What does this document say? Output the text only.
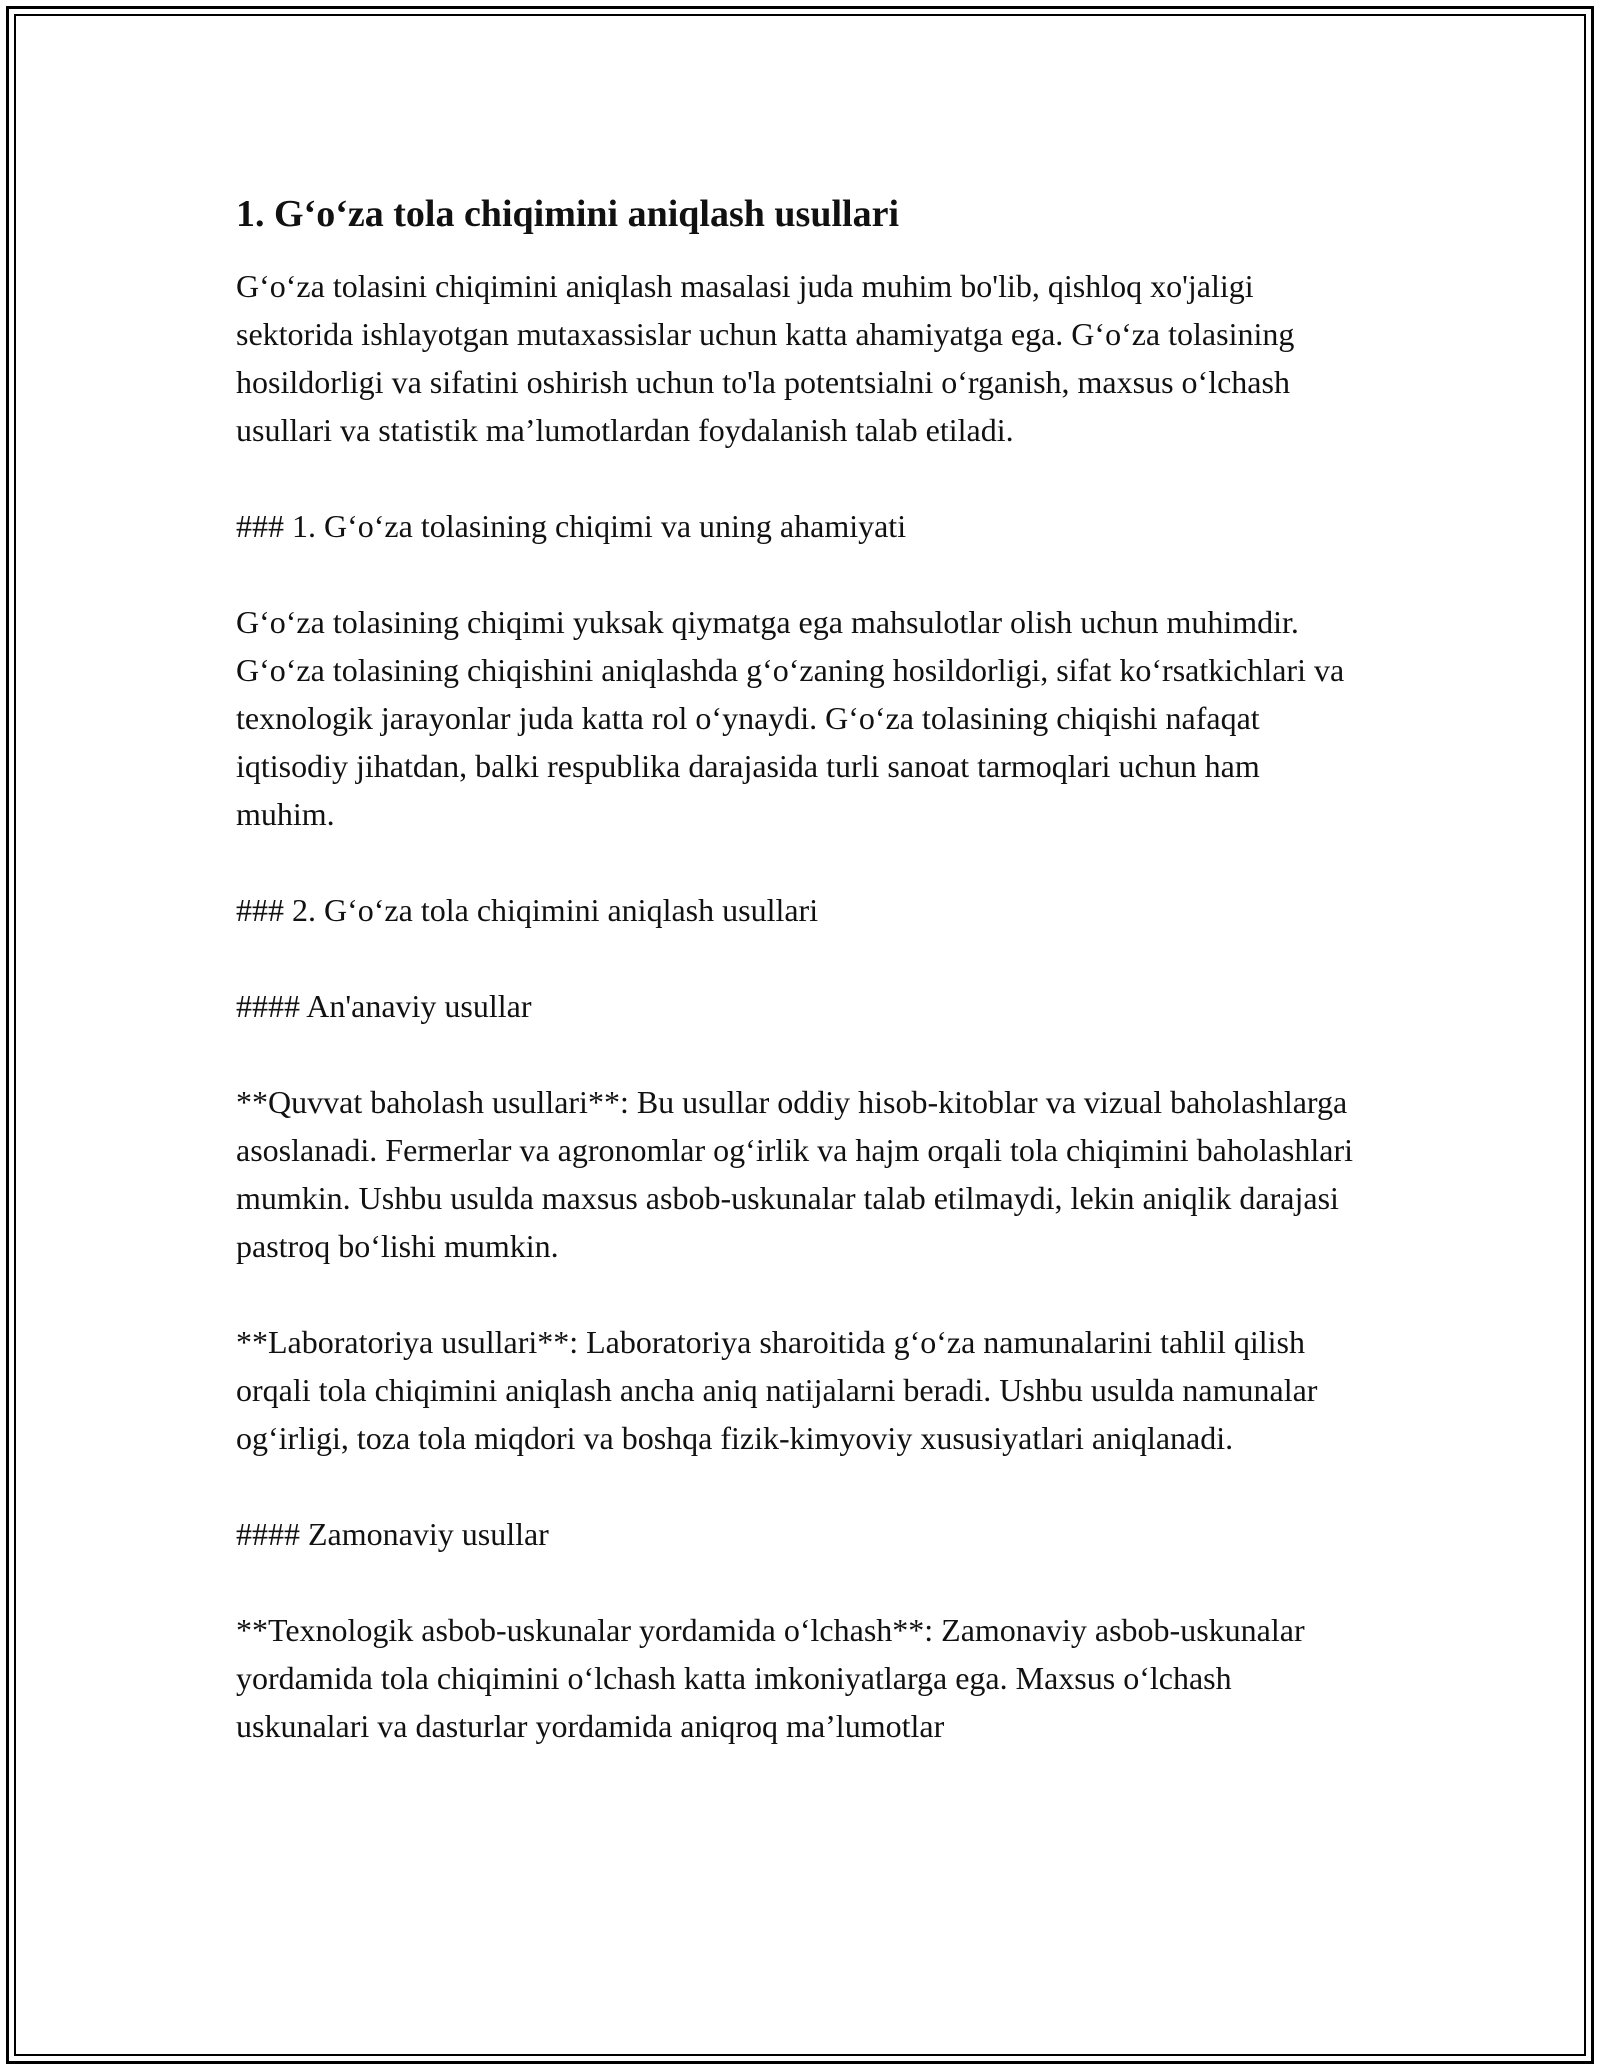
1. G‘o‘za tola chiqimini aniqlash usullari

G‘o‘za tolasini chiqimini aniqlash masalasi juda muhim bo'lib, qishloq xo'jaligi sektorida ishlayotgan mutaxassislar uchun katta ahamiyatga ega. G‘o‘za tolasining hosildorligi va sifatini oshirish uchun to'la potentsialni o‘rganish, maxsus o‘lchash usullari va statistik ma’lumotlardan foydalanish talab etiladi.

### 1. G‘o‘za tolasining chiqimi va uning ahamiyati

G‘o‘za tolasining chiqimi yuksak qiymatga ega mahsulotlar olish uchun muhimdir. G‘o‘za tolasining chiqishini aniqlashda g‘o‘zaning hosildorligi, sifat ko‘rsatkichlari va texnologik jarayonlar juda katta rol o‘ynaydi. G‘o‘za tolasining chiqishi nafaqat iqtisodiy jihatdan, balki respublika darajasida turli sanoat tarmoqlari uchun ham muhim.

### 2. G‘o‘za tola chiqimini aniqlash usullari

#### An'anaviy usullar

**Quvvat baholash usullari**: Bu usullar oddiy hisob-kitoblar va vizual baholashlarga asoslanadi. Fermerlar va agronomlar og‘irlik va hajm orqali tola chiqimini baholashlari mumkin. Ushbu usulda maxsus asbob-uskunalar talab etilmaydi, lekin aniqlik darajasi pastroq bo‘lishi mumkin.

**Laboratoriya usullari**: Laboratoriya sharoitida g‘o‘za namunalarini tahlil qilish orqali tola chiqimini aniqlash ancha aniq natijalarni beradi. Ushbu usulda namunalar og‘irligi, toza tola miqdori va boshqa fizik-kimyoviy xususiyatlari aniqlanadi.

#### Zamonaviy usullar

**Texnologik asbob-uskunalar yordamida o‘lchash**: Zamonaviy asbob-uskunalar yordamida tola chiqimini o‘lchash katta imkoniyatlarga ega. Maxsus o‘lchash uskunalari va dasturlar yordamida aniqroq ma’lumotlar
